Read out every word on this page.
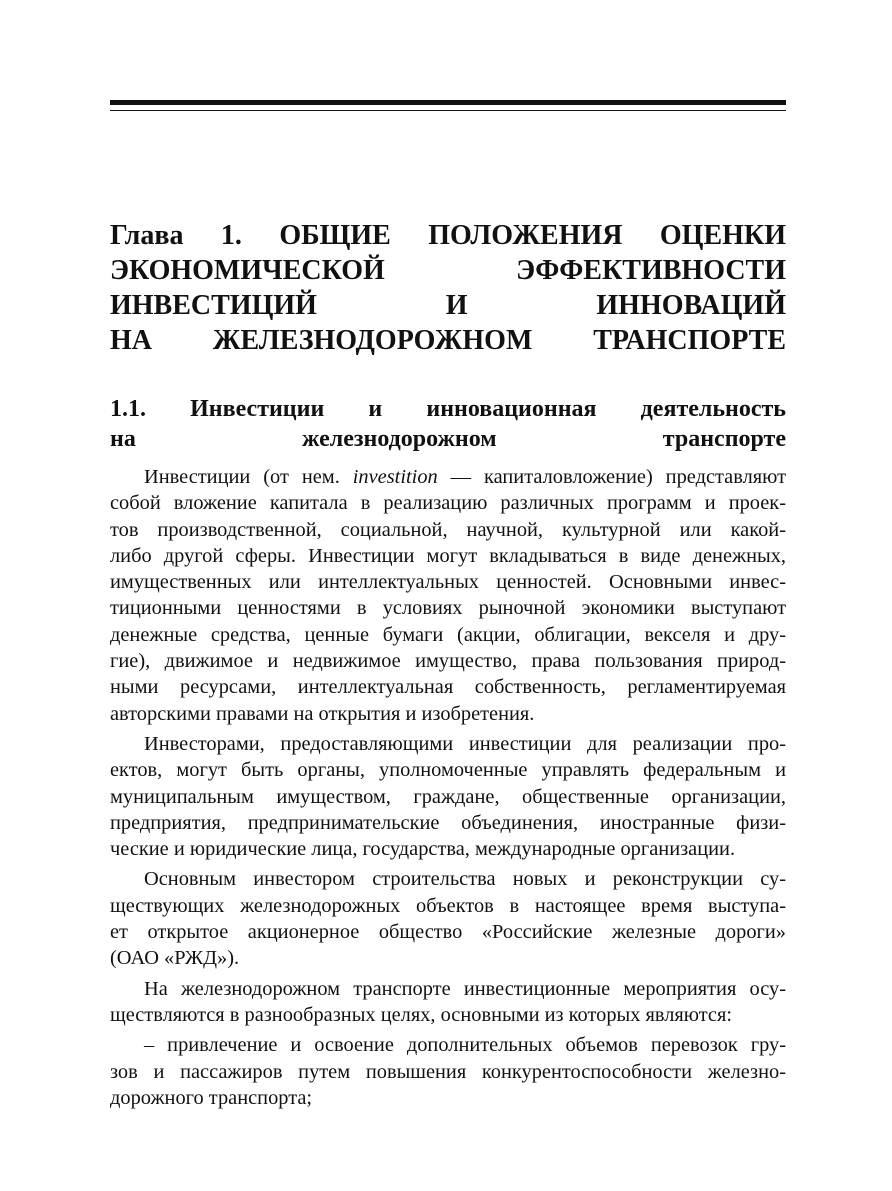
Глава 1. ОБЩИЕ ПОЛОЖЕНИЯ ОЦЕНКИ
ЭКОНОМИЧЕСКОЙ ЭФФЕКТИВНОСТИ
ИНВЕСТИЦИЙ И ИННОВАЦИЙ
НА ЖЕЛЕЗНОДОРОЖНОМ ТРАНСПОРТЕ
1.1. Инвестиции и инновационная деятельность
на железнодорожном транспорте
Инвестиции (от нем. investition — капиталовложение) представляют
собой вложение капитала в реализацию различных программ и проек-
тов производственной, социальной, научной, культурной или какой-
либо другой сферы. Инвестиции могут вкладываться в виде денежных,
имущественных или интеллектуальных ценностей. Основными инвес-
тиционными ценностями в условиях рыночной экономики выступают
денежные средства, ценные бумаги (акции, облигации, векселя и дру-
гие), движимое и недвижимое имущество, права пользования природ-
ными ресурсами, интеллектуальная собственность, регламентируемая
авторскими правами на открытия и изобретения.
Инвесторами, предоставляющими инвестиции для реализации про-
ектов, могут быть органы, уполномоченные управлять федеральным и
муниципальным имуществом, граждане, общественные организации,
предприятия, предпринимательские объединения, иностранные физи-
ческие и юридические лица, государства, международные организации.
Основным инвестором строительства новых и реконструкции су-
ществующих железнодорожных объектов в настоящее время выступа-
ет открытое акционерное общество «Российские железные дороги»
(ОАО «РЖД»).
На железнодорожном транспорте инвестиционные мероприятия осу-
ществляются в разнообразных целях, основными из которых являются:
– привлечение и освоение дополнительных объемов перевозок гру-
зов и пассажиров путем повышения конкурентоспособности железно-
дорожного транспорта;
